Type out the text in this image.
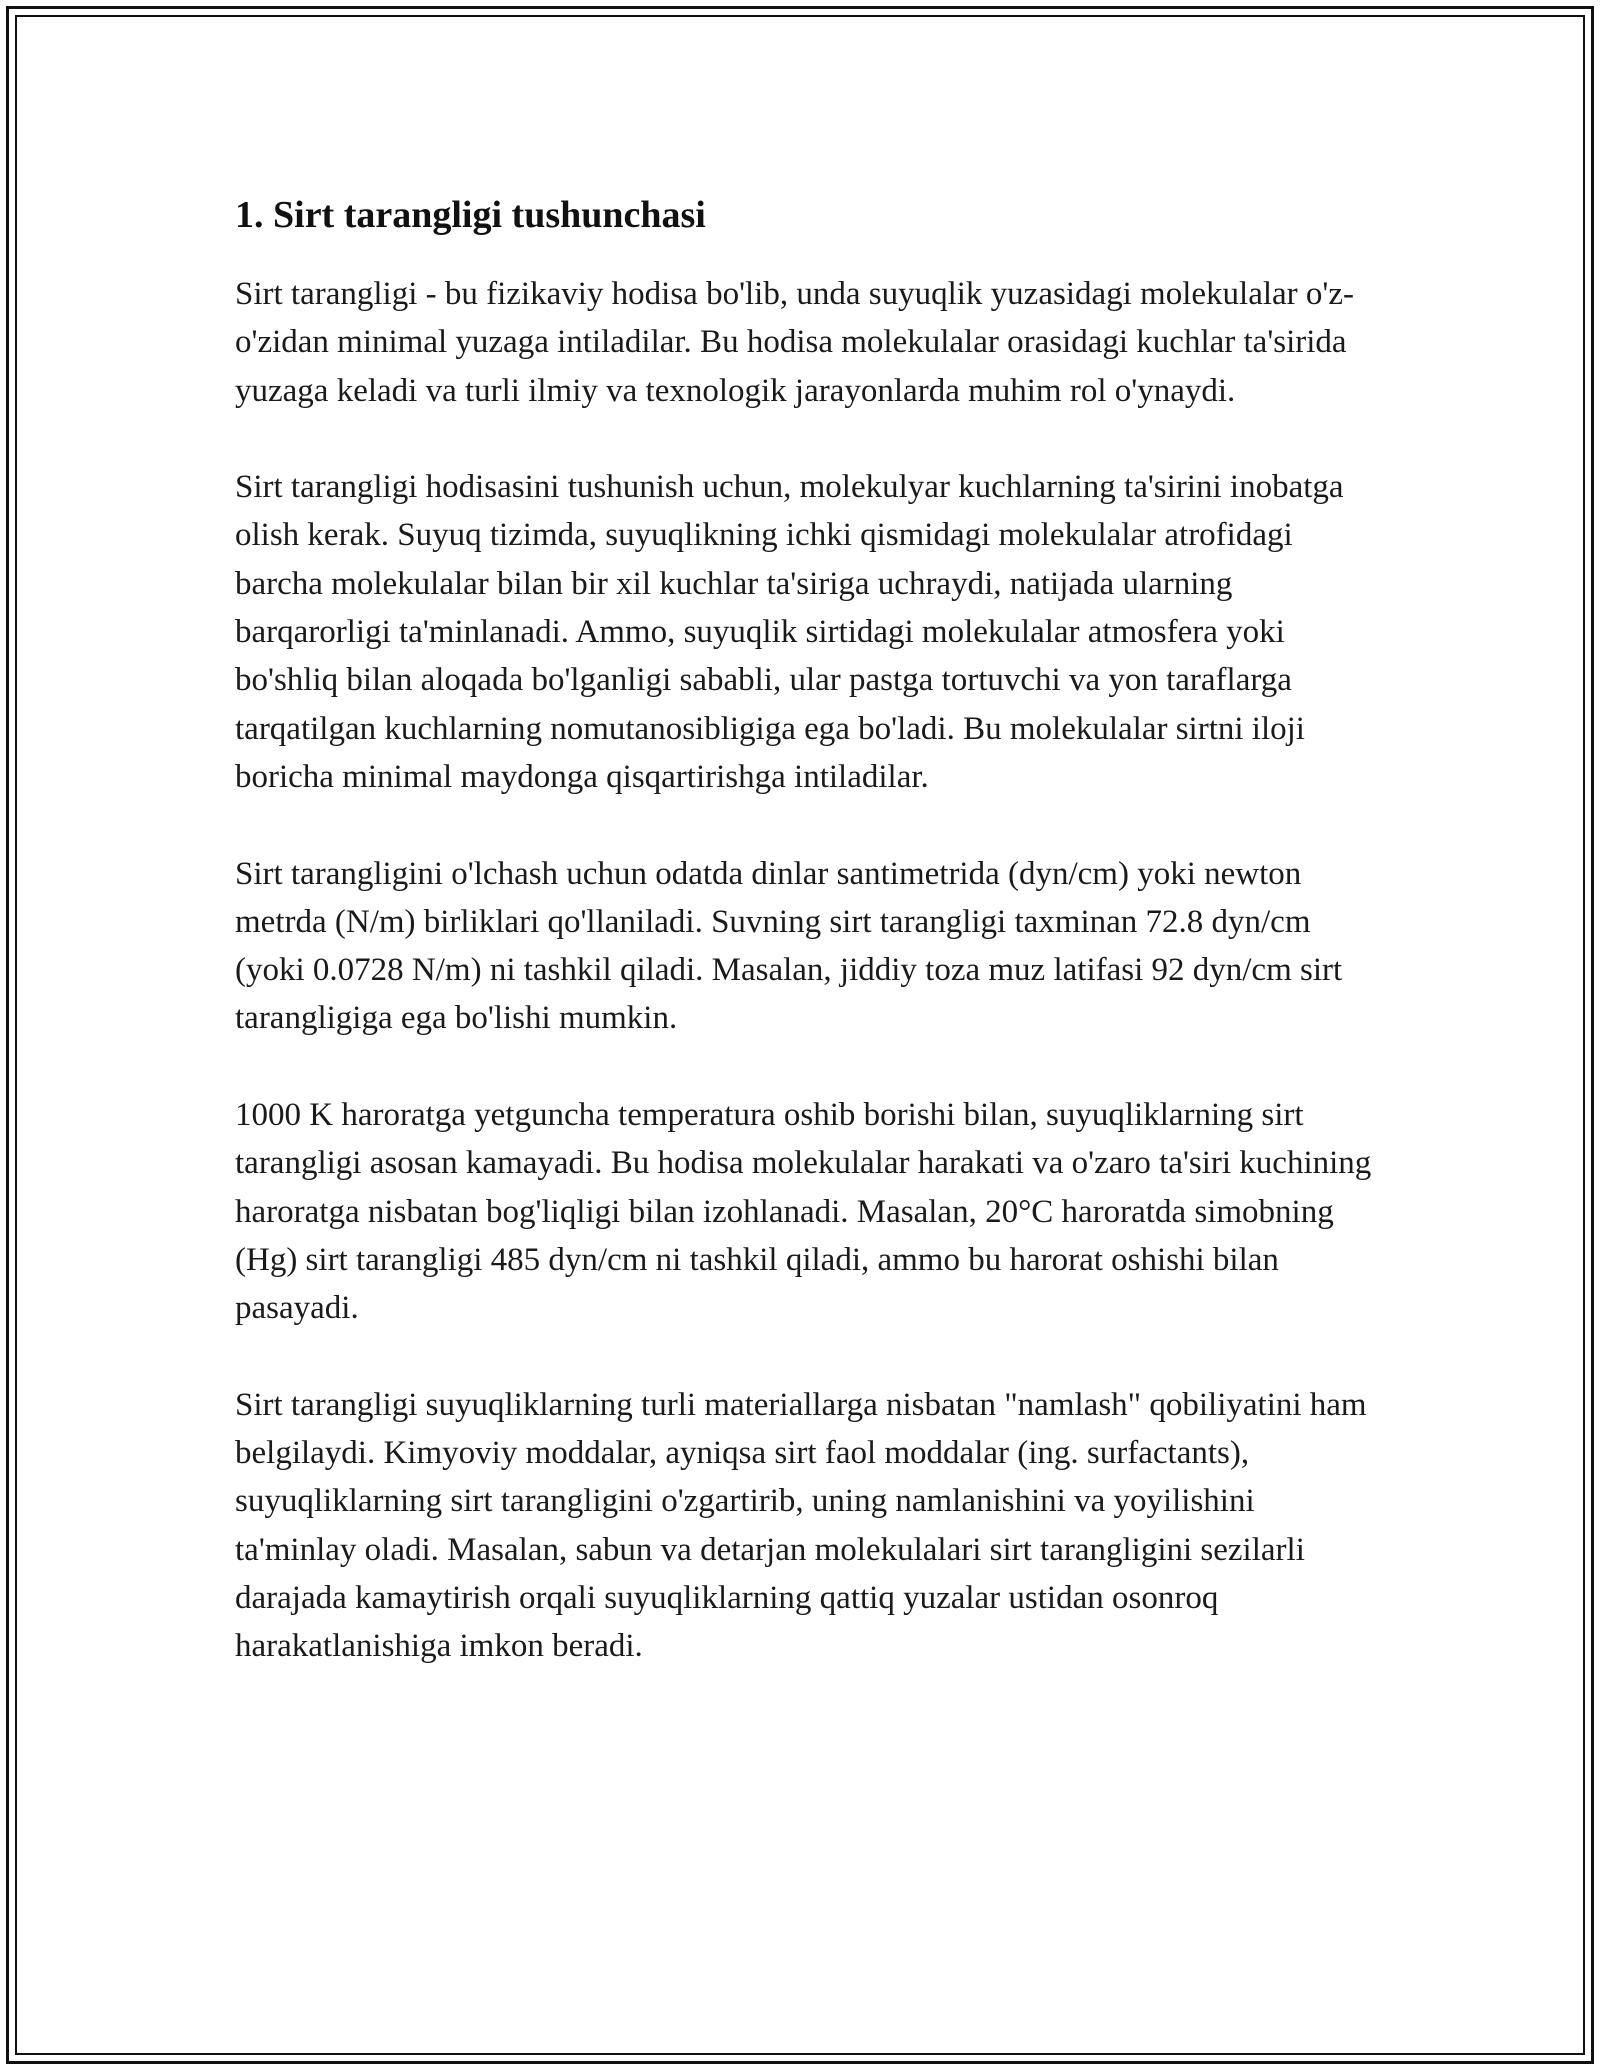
1. Sirt tarangligi tushunchasi

Sirt tarangligi - bu fizikaviy hodisa bo'lib, unda suyuqlik yuzasidagi molekulalar o'z-o'zidan minimal yuzaga intiladilar. Bu hodisa molekulalar orasidagi kuchlar ta'sirida yuzaga keladi va turli ilmiy va texnologik jarayonlarda muhim rol o'ynaydi.

Sirt tarangligi hodisasini tushunish uchun, molekulyar kuchlarning ta'sirini inobatga olish kerak. Suyuq tizimda, suyuqlikning ichki qismidagi molekulalar atrofidagi barcha molekulalar bilan bir xil kuchlar ta'siriga uchraydi, natijada ularning barqarorligi ta'minlanadi. Ammo, suyuqlik sirtidagi molekulalar atmosfera yoki bo'shliq bilan aloqada bo'lganligi sababli, ular pastga tortuvchi va yon taraflarga tarqatilgan kuchlarning nomutanosibligiga ega bo'ladi. Bu molekulalar sirtni iloji boricha minimal maydonga qisqartirishga intiladilar.

Sirt tarangligini o'lchash uchun odatda dinlar santimetrida (dyn/cm) yoki newton metrda (N/m) birliklari qo'llaniladi. Suvning sirt tarangligi taxminan 72.8 dyn/cm (yoki 0.0728 N/m) ni tashkil qiladi. Masalan, jiddiy toza muz latifasi 92 dyn/cm sirt tarangligiga ega bo'lishi mumkin.

1000 K haroratga yetguncha temperatura oshib borishi bilan, suyuqliklarning sirt tarangligi asosan kamayadi. Bu hodisa molekulalar harakati va o'zaro ta'siri kuchining haroratga nisbatan bog'liqligi bilan izohlanadi. Masalan, 20°C haroratda simobning (Hg) sirt tarangligi 485 dyn/cm ni tashkil qiladi, ammo bu harorat oshishi bilan pasayadi.

Sirt tarangligi suyuqliklarning turli materiallarga nisbatan "namlash" qobiliyatini ham belgilaydi. Kimyoviy moddalar, ayniqsa sirt faol moddalar (ing. surfactants), suyuqliklarning sirt tarangligini o'zgartirib, uning namlanishini va yoyilishini ta'minlay oladi. Masalan, sabun va detarjan molekulalari sirt tarangligini sezilarli darajada kamaytirish orqali suyuqliklarning qattiq yuzalar ustidan osonroq harakatlanishiga imkon beradi.
